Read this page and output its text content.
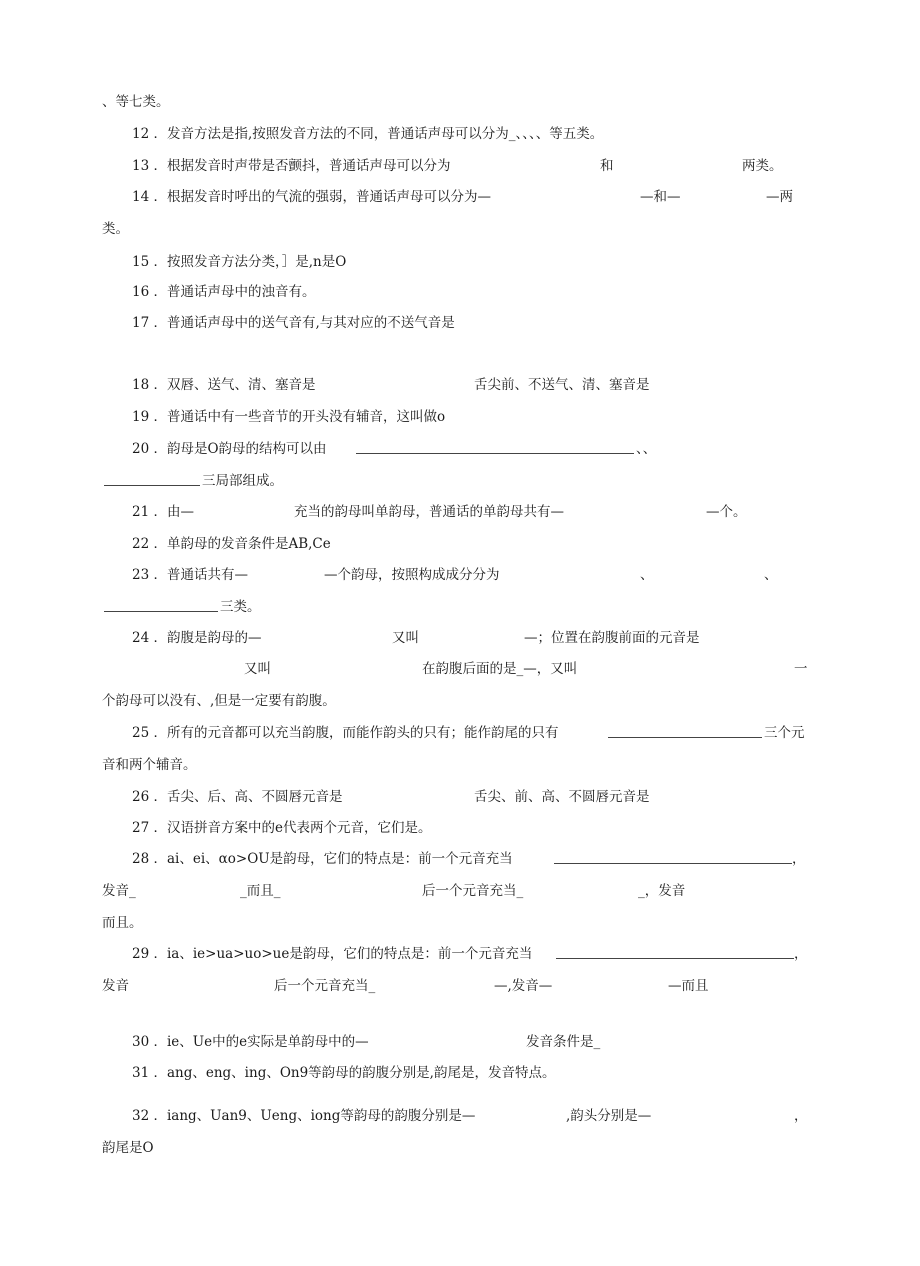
、等七类。
12 ．发音方法是指,按照发音方法的不同，普通话声母可以分为_、、、、等五类。
13 ．根据发音时声带是否颤抖，普通话声母可以分为	和	两类。
14 ．根据发音时呼出的气流的强弱，普通话声母可以分为—	—和—	—两
类。
15 ．按照发音方法分类，］是,n是O
16 ．普通话声母中的浊音有。
17 ．普通话声母中的送气音有,与其对应的不送气音是
18 ．双唇、送气、清、塞音是	舌尖前、不送气、清、塞音是
19 ．普通话中有一些音节的开头没有辅音，这叫做o
20 ．韵母是O韵母的结构可以由	、、
三局部组成。
21 ．由—	充当的韵母叫单韵母，普通话的单韵母共有—	—个。
22 ．单韵母的发音条件是AB,Ce
23 ．普通话共有—	—个韵母，按照构成成分分为	、	、
三类。
24 ．韵腹是韵母的—	又叫	—；位置在韵腹前面的元音是
又叫	在韵腹后面的是_—，又叫	一
个韵母可以没有、,但是一定要有韵腹。
25 ．所有的元音都可以充当韵腹，而能作韵头的只有；能作韵尾的只有	三个元
音和两个辅音。
26 ．舌尖、后、高、不圆唇元音是	舌尖、前、高、不圆唇元音是
27 ．汉语拼音方案中的e代表两个元音，它们是。
28 ．ai、ei、αo>OU是韵母，它们的特点是：前一个元音充当	，
发音_	_而且_	后一个元音充当_	_，发音
而且。
29 ．ia、ie>ua>uo>ue是韵母，它们的特点是：前一个元音充当	，
发音	后一个元音充当_	—,发音—	—而且
30 ．ie、Ue中的e实际是单韵母中的—	发音条件是_
31 ．ang、eng、ing、On9等韵母的韵腹分别是,韵尾是，发音特点。
32 ．iang、Uan9、Ueng、iong等韵母的韵腹分别是—	,韵头分别是—	，
韵尾是O
